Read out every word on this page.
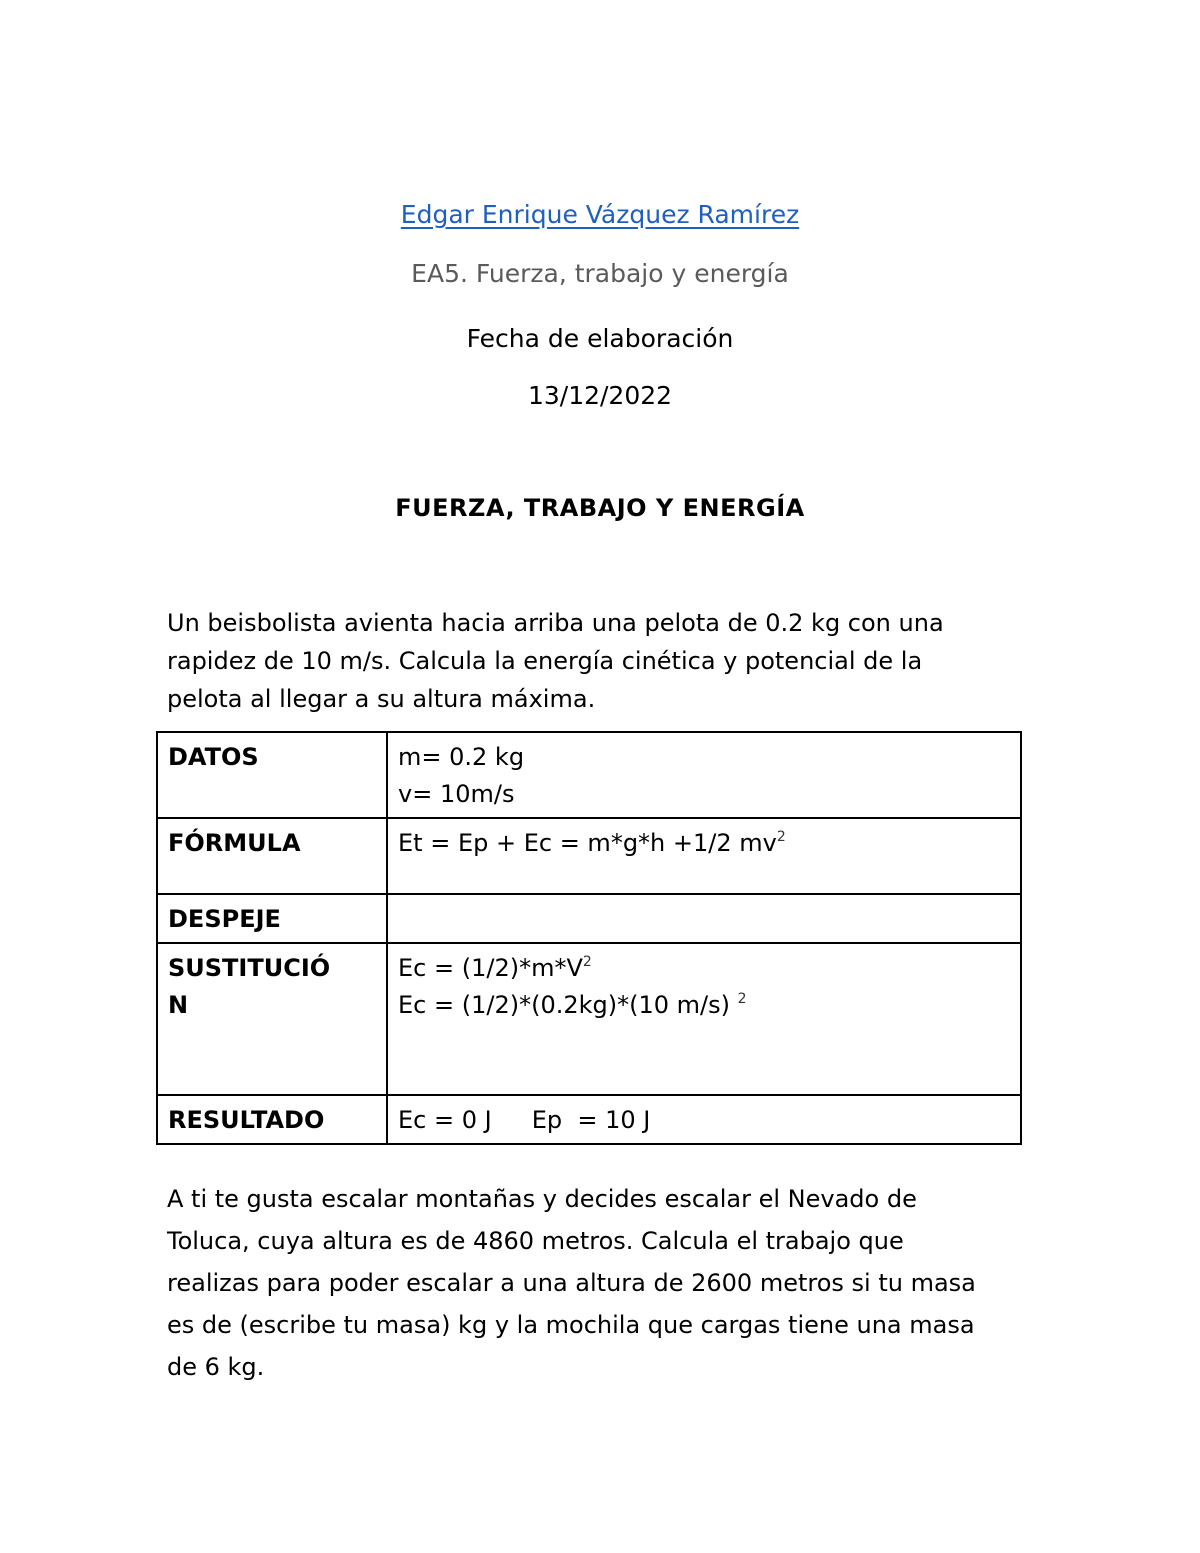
Edgar Enrique Vázquez Ramírez
EA5. Fuerza, trabajo y energía
Fecha de elaboración
13/12/2022
FUERZA, TRABAJO Y ENERGÍA

Un beisbolista avienta hacia arriba una pelota de 0.2 kg con una
rapidez de 10 m/s. Calcula la energía cinética y potencial de la
pelota al llegar a su altura máxima.

DATOS	m= 0.2 kg
v= 10m/s

FÓRMULA	Et = Ep + Ec = m*g*h +1/2 $mv^2$
DESPEJE	

SUSTITUCIÓ
N	$Ec = (1/2)*m*V^2$
Ec = (1/2)*(0.2kg)*(10 m/s) $^2$

RESULTADO	Ec = 0 J Ep  = 10 J

A ti te gusta escalar montañas y decides escalar el Nevado de
Toluca, cuya altura es de 4860 metros. Calcula el trabajo que
realizas para poder escalar a una altura de 2600 metros si tu masa
es de (escribe tu masa) kg y la mochila que cargas tiene una masa
de 6 kg.
